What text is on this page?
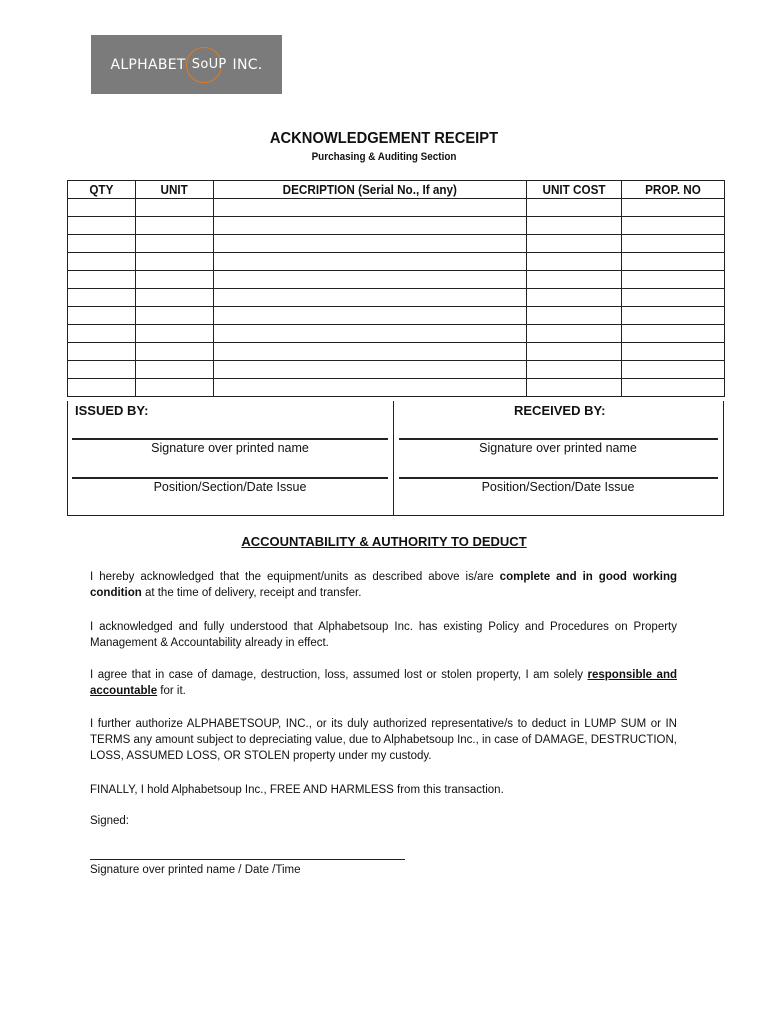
ALPHABET SoUP INC.
ACKNOWLEDGEMENT RECEIPT
Purchasing & Auditing Section
QTY	UNIT	DECRIPTION (Serial No., If any)	UNIT COST	PROP. NO

ISSUED BY:	RECEIVED BY:
Signature over printed name
Position/Section/Date Issue
Signature over printed name
Position/Section/Date Issue
ACCOUNTABILITY & AUTHORITY TO DEDUCT
I hereby acknowledged that the equipment/units as described above is/are complete and in good working condition at the time of delivery, receipt and transfer.
I acknowledged and fully understood that Alphabetsoup Inc. has existing Policy and Procedures on Property Management & Accountability already in effect.
I agree that in case of damage, destruction, loss, assumed lost or stolen property, I am solely responsible and accountable for it.
I further authorize ALPHABETSOUP, INC., or its duly authorized representative/s to deduct in LUMP SUM or IN TERMS any amount subject to depreciating value, due to Alphabetsoup Inc., in case of DAMAGE, DESTRUCTION, LOSS, ASSUMED LOSS, OR STOLEN property under my custody.
FINALLY, I hold Alphabetsoup Inc., FREE AND HARMLESS from this transaction.
Signed:
Signature over printed name / Date /Time
